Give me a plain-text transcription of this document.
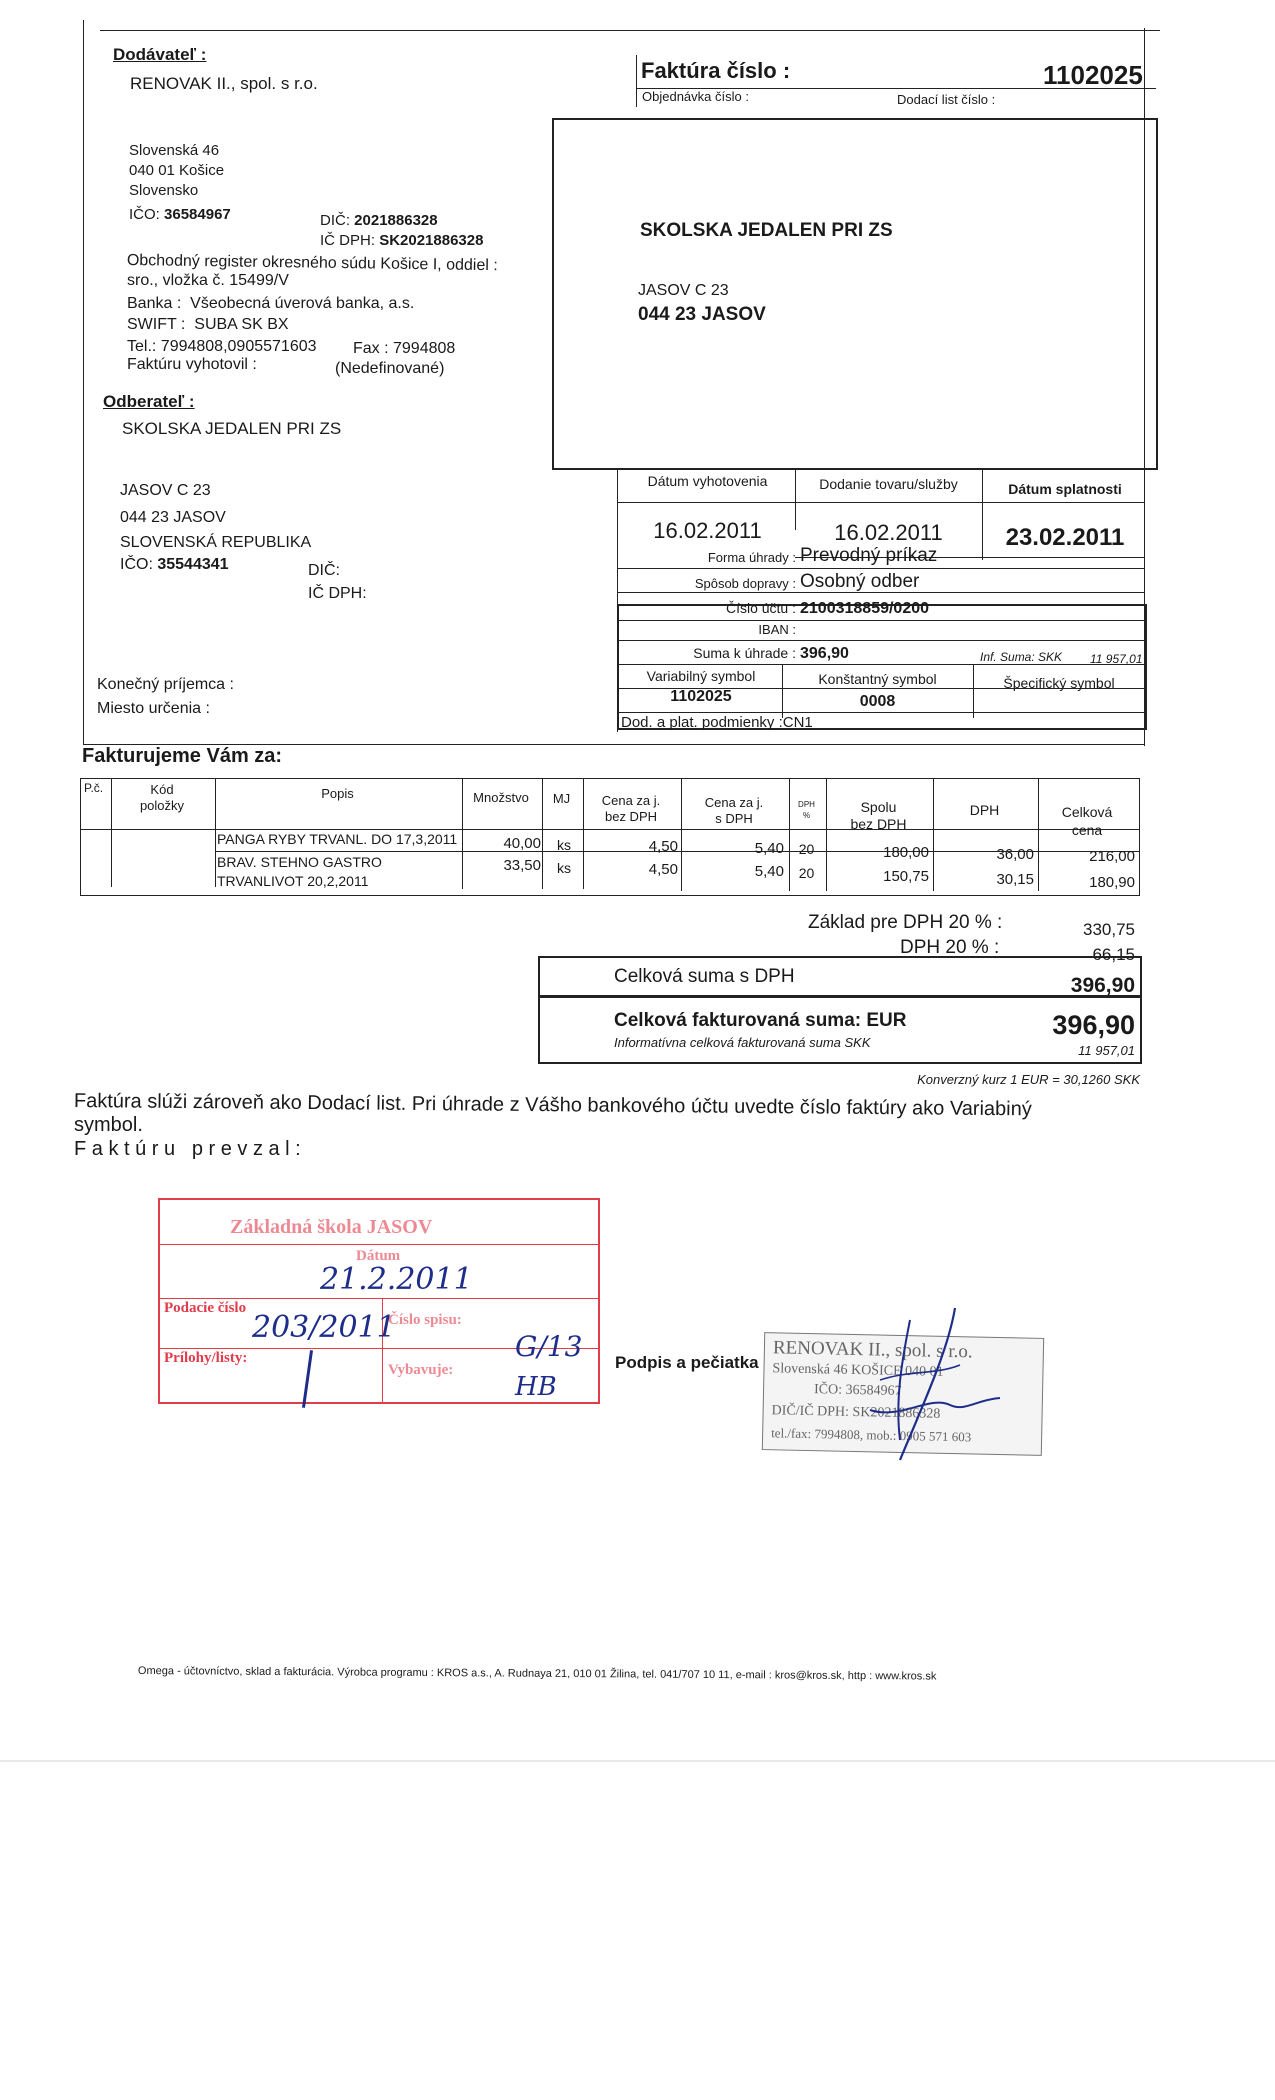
Dodávateľ :
RENOVAK II., spol. s r.o.
Slovenská 46
040 01 Košice
Slovensko
IČO: 36584967	DIČ: 2021886328
IČ DPH: SK2021886328
Obchodný register okresného súdu Košice I, oddiel :
sro., vložka č. 15499/V
Banka : Všeobecná úverová banka, a.s.
SWIFT : SUBA SK BX
Tel.: 7994808,0905571603 Fax : 7994808
Faktúru vyhotovil :	(Nedefinované)
Faktúra číslo :	1102025
Objednávka číslo :	Dodací list číslo :
SKOLSKA JEDALEN PRI ZS
JASOV C 23
044 23 JASOV
Odberateľ :
SKOLSKA JEDALEN PRI ZS
JASOV C 23
044 23 JASOV
SLOVENSKÁ REPUBLIKA
IČO: 35544341	DIČ:
IČ DPH:
Konečný príjemca :
Miesto určenia :
Dátum vyhotovenia	Dodanie tovaru/služby	Dátum splatnosti
16.02.2011	16.02.2011	23.02.2011
Forma úhrady : Prevodný príkaz
Spôsob dopravy : Osobný odber
Číslo účtu : 2100318859/0200
IBAN :
Suma k úhrade : 396,90	Inf. Suma: SKK 11 957,01
Variabilný symbol	Konštantný symbol	Špecifický symbol
1102025	0008
Dod. a plat. podmienky :CN1
Fakturujeme Vám za:
P.č.	Kód
položky
Popis	Množstvo	MJ	Cena za j.
bez DPH
Cena za j.
s DPH
DPH
%
Spolu
bez DPH
DPH	Celková
cena
PANGA RYBY TRVANL. DO 17,3,2011	40,00 ks	4,50	5,40	20	180,00	36,00	216,00
BRAV. STEHNO GASTRO
TRVANLIVOT 20,2,2011
33,50 ks	4,50	5,40	20	150,75	30,15	180,90
Základ pre DPH 20 % :	330,75
DPH 20 % :	66,15
Celková suma s DPH	396,90
Celková fakturovaná suma: EUR	396,90
Informatívna celková fakturovaná suma SKK
11 957,01
Konverzný kurz 1 EUR = 30,1260 SKK
Faktúra slúži zároveň ako Dodací list. Pri úhrade z Vášho bankového účtu uvedte číslo faktúry ako Variabiný
symbol.
F a k t ú r u   p r e v z a l :
Základná škola JASOV
Dátum
Podacie číslo
Číslo spisu:
Prílohy/listy:
Vybavuje:
21.2.2011
203/2011
G/13
HB
Podpis a pečiatka
RENOVAK II., spol. s r.o.
Slovenská 46 KOŠICE 040 01
IČO: 36584967
DIČ/IČ DPH: SK2021886328
tel./fax: 7994808, mob.: 0905 571 603
Omega - účtovníctvo, sklad a fakturácia. Výrobca programu : KROS a.s., A. Rudnaya 21, 010 01 Žilina, tel. 041/707 10 11, e-mail : kros@kros.sk, http : www.kros.sk
